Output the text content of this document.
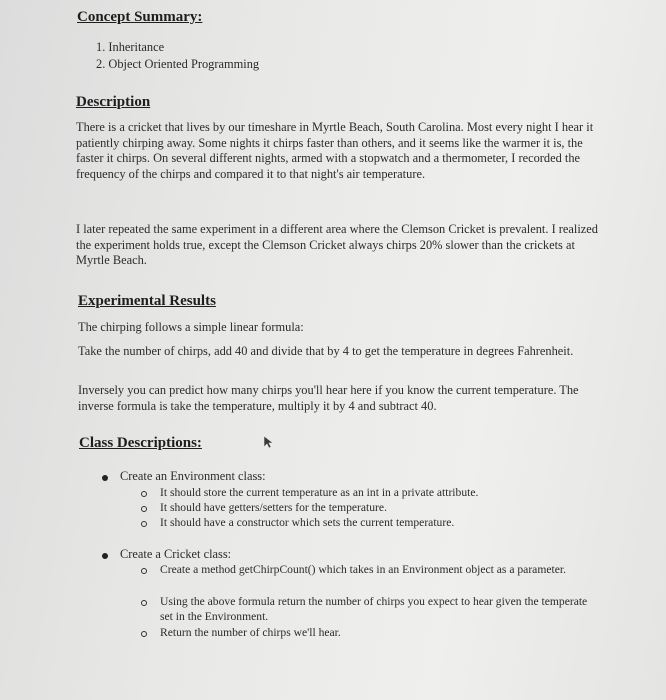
Concept Summary:
1. Inheritance
2. Object Oriented Programming
Description
There is a cricket that lives by our timeshare in Myrtle Beach, South Carolina. Most every night I hear it patiently chirping away. Some nights it chirps faster than others, and it seems like the warmer it is, the faster it chirps. On several different nights, armed with a stopwatch and a thermometer, I recorded the frequency of the chirps and compared it to that night's air temperature.
I later repeated the same experiment in a different area where the Clemson Cricket is prevalent. I realized the experiment holds true, except the Clemson Cricket always chirps 20% slower than the crickets at Myrtle Beach.
Experimental Results
The chirping follows a simple linear formula:
Take the number of chirps, add 40 and divide that by 4 to get the temperature in degrees Fahrenheit.
Inversely you can predict how many chirps you'll hear here if you know the current temperature. The inverse formula is take the temperature, multiply it by 4 and subtract 40.
Class Descriptions:
Create an Environment class:
It should store the current temperature as an int in a private attribute.
It should have getters/setters for the temperature.
It should have a constructor which sets the current temperature.
Create a Cricket class:
Create a method getChirpCount() which takes in an Environment object as a parameter.
Using the above formula return the number of chirps you expect to hear given the temperate set in the Environment.
Return the number of chirps we'll hear.
